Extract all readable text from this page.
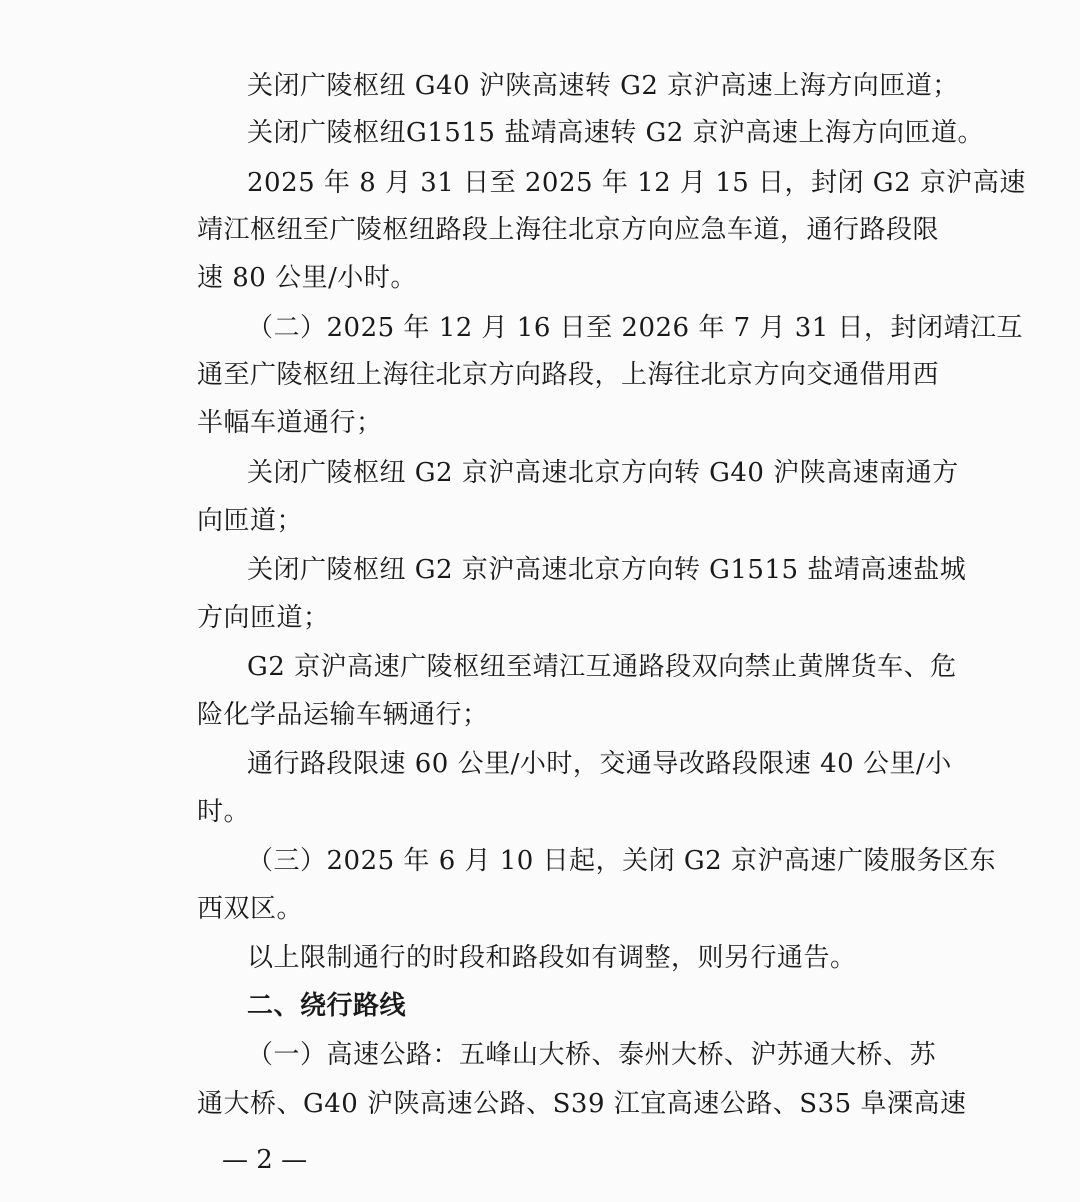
关闭广陵枢纽 G40 沪陕高速转 G2 京沪高速上海方向匝道；
关闭广陵枢纽G1515 盐靖高速转 G2 京沪高速上海方向匝道。
2025 年 8 月 31 日至 2025 年 12 月 15 日，封闭 G2 京沪高速
靖江枢纽至广陵枢纽路段上海往北京方向应急车道，通行路段限
速 80 公里/小时。
（二）2025 年 12 月 16 日至 2026 年 7 月 31 日，封闭靖江互
通至广陵枢纽上海往北京方向路段，上海往北京方向交通借用西
半幅车道通行；
关闭广陵枢纽 G2 京沪高速北京方向转 G40 沪陕高速南通方
向匝道；
关闭广陵枢纽 G2 京沪高速北京方向转 G1515 盐靖高速盐城
方向匝道；
G2 京沪高速广陵枢纽至靖江互通路段双向禁止黄牌货车、危
险化学品运输车辆通行；
通行路段限速 60 公里/小时，交通导改路段限速 40 公里/小
时。
（三）2025 年 6 月 10 日起，关闭 G2 京沪高速广陵服务区东
西双区。
以上限制通行的时段和路段如有调整，则另行通告。
二、绕行路线
（一）高速公路：五峰山大桥、泰州大桥、沪苏通大桥、苏
通大桥、G40 沪陕高速公路、S39 江宜高速公路、S35 阜溧高速
— 2 —
